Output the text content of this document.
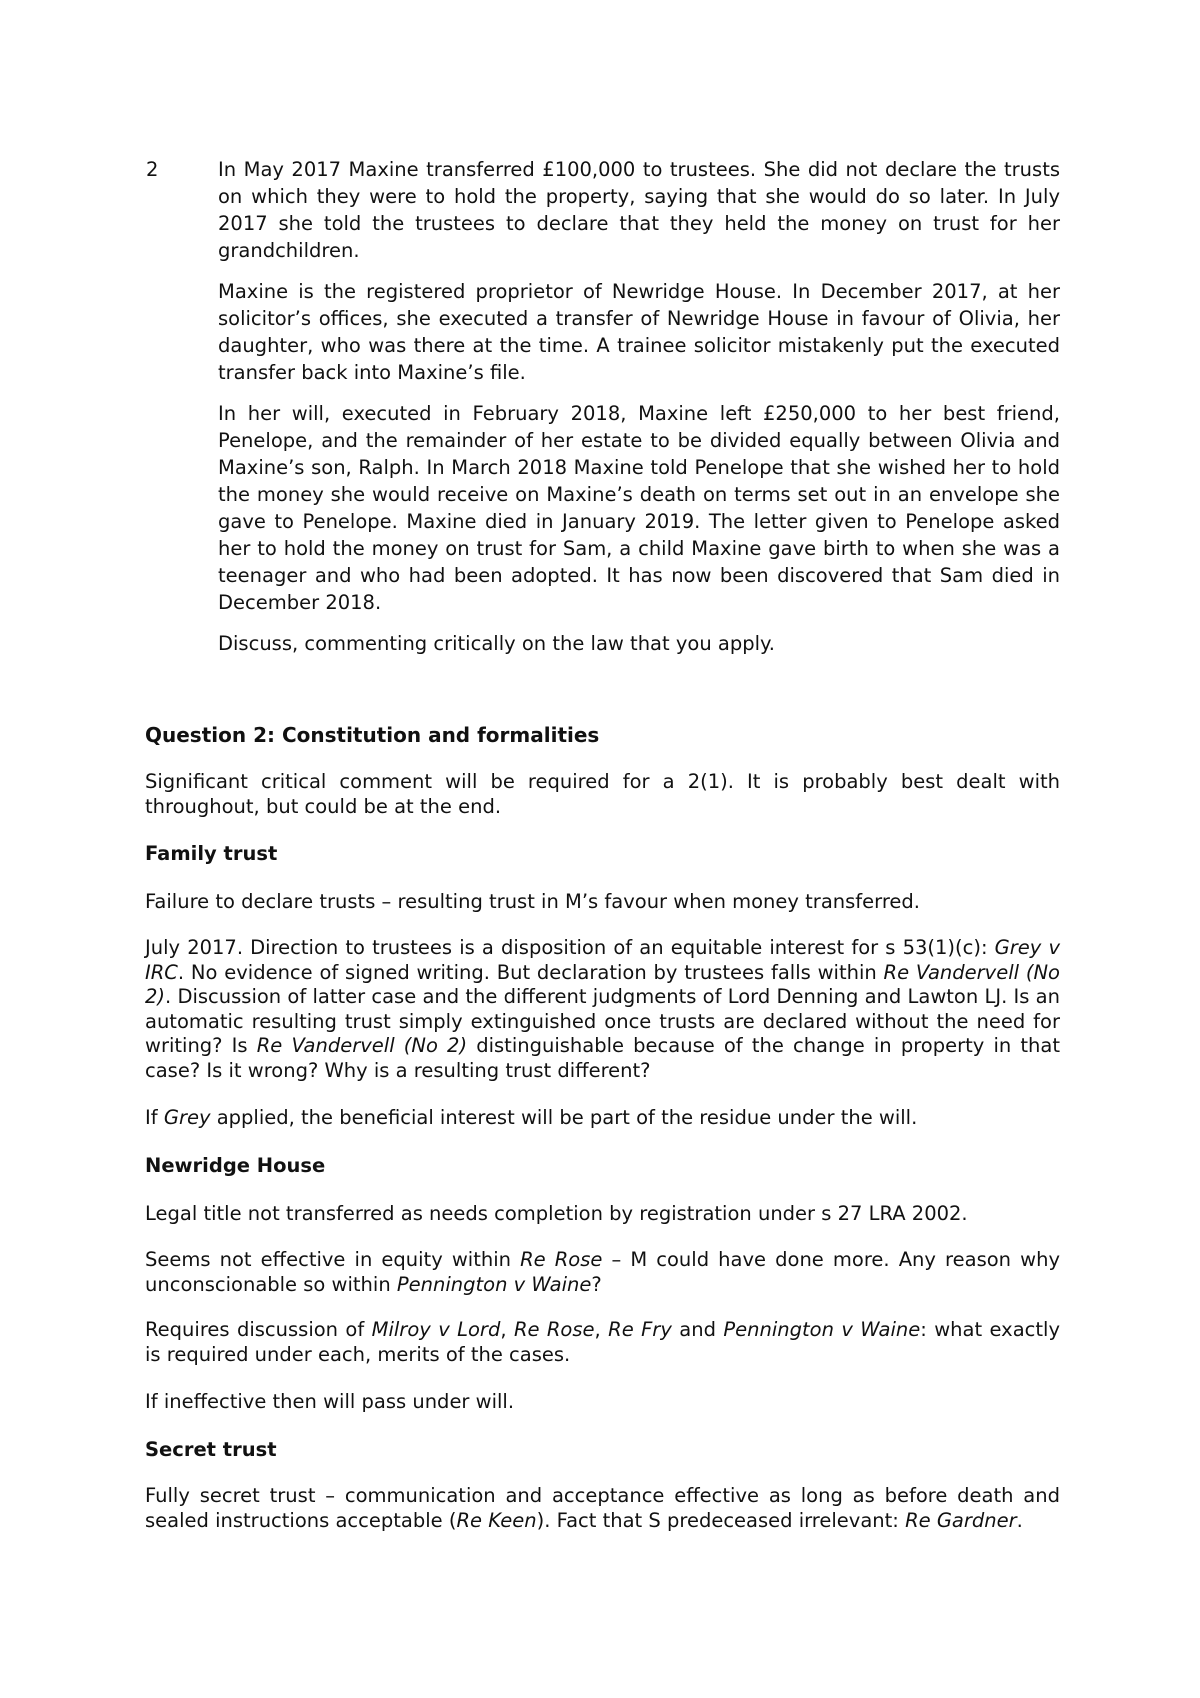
2	In May 2017 Maxine transferred £100,000 to trustees. She did not declare the trusts on which they were to hold the property, saying that she would do so later. In July 2017 she told the trustees to declare that they held the money on trust for her grandchildren.

Maxine is the registered proprietor of Newridge House. In December 2017, at her solicitor’s offices, she executed a transfer of Newridge House in favour of Olivia, her daughter, who was there at the time. A trainee solicitor mistakenly put the executed transfer back into Maxine’s file.

In her will, executed in February 2018, Maxine left £250,000 to her best friend, Penelope, and the remainder of her estate to be divided equally between Olivia and Maxine’s son, Ralph. In March 2018 Maxine told Penelope that she wished her to hold the money she would receive on Maxine’s death on terms set out in an envelope she gave to Penelope. Maxine died in January 2019. The letter given to Penelope asked her to hold the money on trust for Sam, a child Maxine gave birth to when she was a teenager and who had been adopted. It has now been discovered that Sam died in December 2018.

Discuss, commenting critically on the law that you apply.

Question 2: Constitution and formalities

Significant critical comment will be required for a 2(1). It is probably best dealt with throughout, but could be at the end.

Family trust

Failure to declare trusts – resulting trust in M’s favour when money transferred.

July 2017. Direction to trustees is a disposition of an equitable interest for s 53(1)(c): Grey v IRC. No evidence of signed writing. But declaration by trustees falls within Re Vandervell (No 2). Discussion of latter case and the different judgments of Lord Denning and Lawton LJ. Is an automatic resulting trust simply extinguished once trusts are declared without the need for writing? Is Re Vandervell (No 2) distinguishable because of the change in property in that case? Is it wrong? Why is a resulting trust different?

If Grey applied, the beneficial interest will be part of the residue under the will.

Newridge House

Legal title not transferred as needs completion by registration under s 27 LRA 2002.

Seems not effective in equity within Re Rose – M could have done more. Any reason why unconscionable so within Pennington v Waine?

Requires discussion of Milroy v Lord, Re Rose, Re Fry and Pennington v Waine: what exactly is required under each, merits of the cases.

If ineffective then will pass under will.

Secret trust

Fully secret trust – communication and acceptance effective as long as before death and sealed instructions acceptable (Re Keen). Fact that S predeceased irrelevant: Re Gardner.
